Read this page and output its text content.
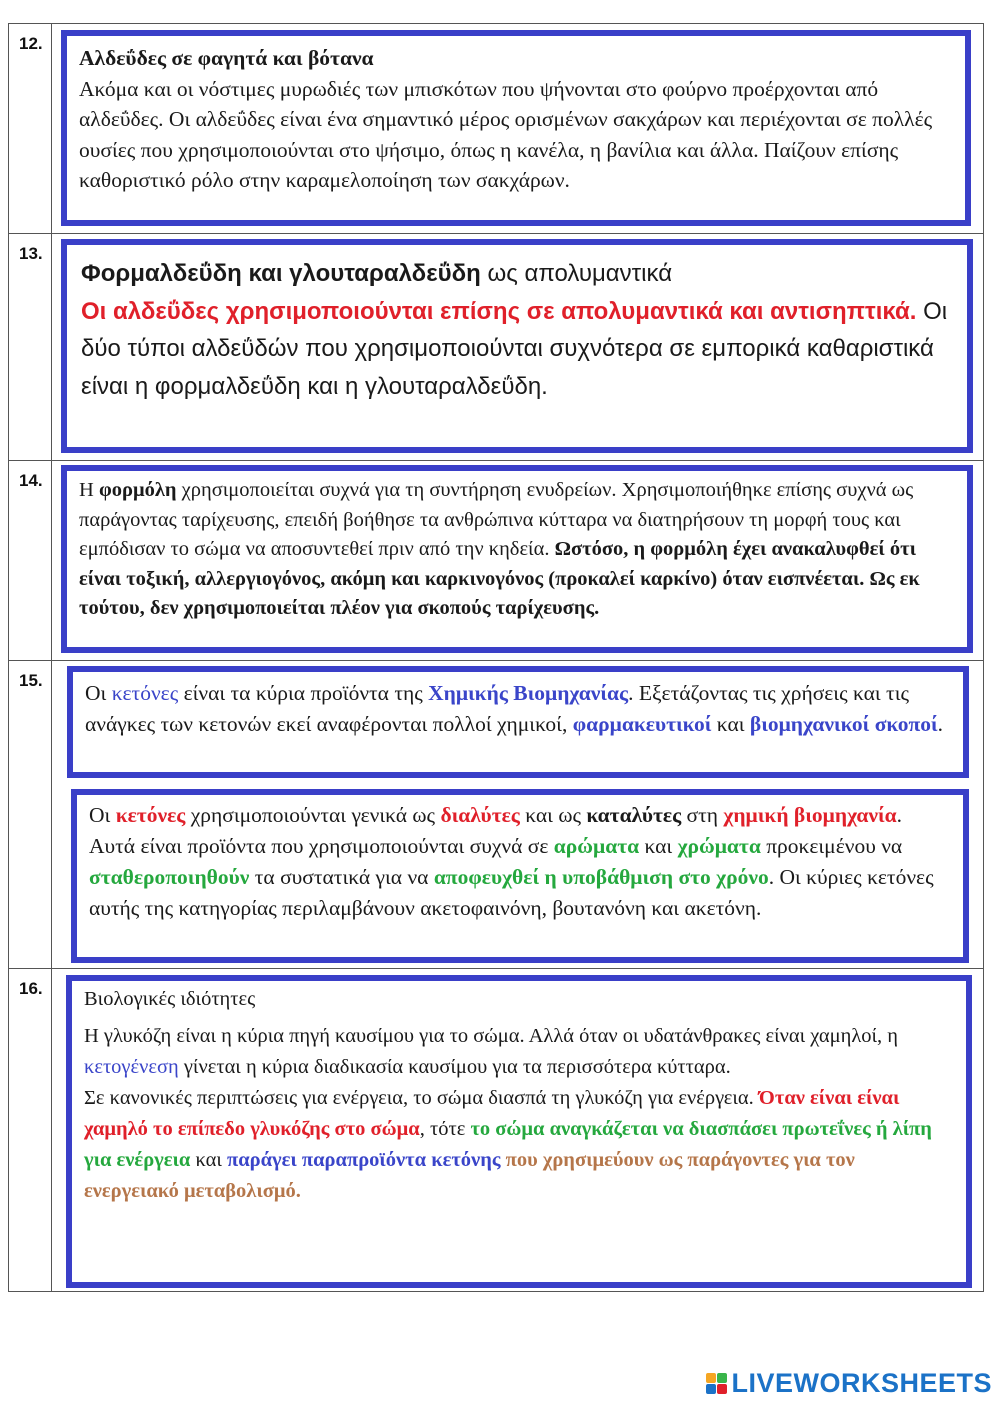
12.

Αλδεΰδες σε φαγητά και βότανα

Ακόμα και οι νόστιμες μυρωδιές των μπισκότων που ψήνονται στο φούρνο προέρχονται από αλδεΰδες. Οι αλδεΰδες είναι ένα σημαντικό μέρος ορισμένων σακχάρων και περιέχονται σε πολλές ουσίες που χρησιμοποιούνται στο ψήσιμο, όπως η κανέλα, η βανίλια και άλλα. Παίζουν επίσης καθοριστικό ρόλο στην καραμελοποίηση των σακχάρων.

13.

Φορμαλδεΰδη και γλουταραλδεΰδη ως απολυμαντικά

Οι αλδεΰδες χρησιμοποιούνται επίσης σε απολυμαντικά και αντισηπτικά. Οι δύο τύποι αλδεΰδών που χρησιμοποιούνται συχνότερα σε εμπορικά καθαριστικά είναι η φορμαλδεΰδη και η γλουταραλδεΰδη.

14. Η φορμόλη χρησιμοποιείται συχνά για τη συντήρηση ενυδρείων. Χρησιμοποιήθηκε επίσης συχνά ως παράγοντας ταρίχευσης, επειδή βοήθησε τα ανθρώπινα κύτταρα να διατηρήσουν τη μορφή τους και εμπόδισαν το σώμα να αποσυντεθεί πριν από την κηδεία. Ωστόσο, η φορμόλη έχει ανακαλυφθεί ότι είναι τοξική, αλλεργιογόνος, ακόμη και καρκινογόνος (προκαλεί καρκίνο) όταν εισπνέεται. Ως εκ τούτου, δεν χρησιμοποιείται πλέον για σκοπούς ταρίχευσης.

15.

Οι κετόνες είναι τα κύρια προϊόντα της Χημικής Βιομηχανίας. Εξετάζοντας τις χρήσεις και τις ανάγκες των κετονών εκεί αναφέρονται πολλοί χημικοί, φαρμακευτικοί και βιομηχανικοί σκοποί.

Οι κετόνες χρησιμοποιούνται γενικά ως διαλύτες και ως καταλύτες στη χημική βιομηχανία. Αυτά είναι προϊόντα που χρησιμοποιούνται συχνά σε αρώματα και χρώματα προκειμένου να σταθεροποιηθούν τα συστατικά για να αποφευχθεί η υποβάθμιση στο χρόνο. Οι κύριες κετόνες αυτής της κατηγορίας περιλαμβάνουν ακετοφαινόνη, βουτανόνη και ακετόνη.

16. Βιολογικές ιδιότητες

Η γλυκόζη είναι η κύρια πηγή καυσίμου για το σώμα. Αλλά όταν οι υδατάνθρακες είναι χαμηλοί, η κετογένεση γίνεται η κύρια διαδικασία καυσίμου για τα περισσότερα κύτταρα.

Σε κανονικές περιπτώσεις για ενέργεια, το σώμα διασπά τη γλυκόζη για ενέργεια. Όταν είναι είναι χαμηλό το επίπεδο γλυκόζης στο σώμα, τότε το σώμα αναγκάζεται να διασπάσει πρωτεΐνες ή λίπη για ενέργεια και παράγει παραπροϊόντα κετόνης που χρησιμεύουν ως παράγοντες για τον ενεργειακό μεταβολισμό.

LIVEWORKSHEETS
